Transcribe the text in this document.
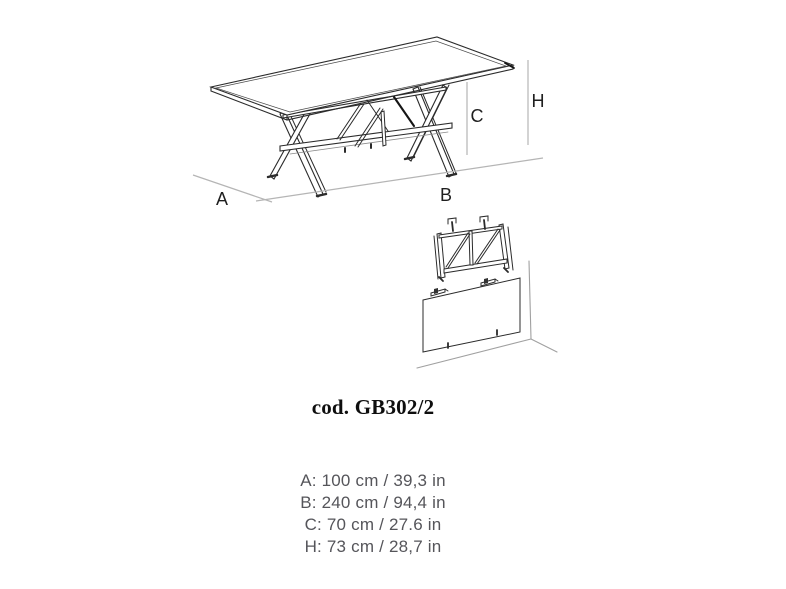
A	B
C
H
cod. GB302/2
A: 100 cm / 39,3 in
B: 240 cm / 94,4 in
C: 70 cm / 27.6 in
H: 73 cm / 28,7 in
